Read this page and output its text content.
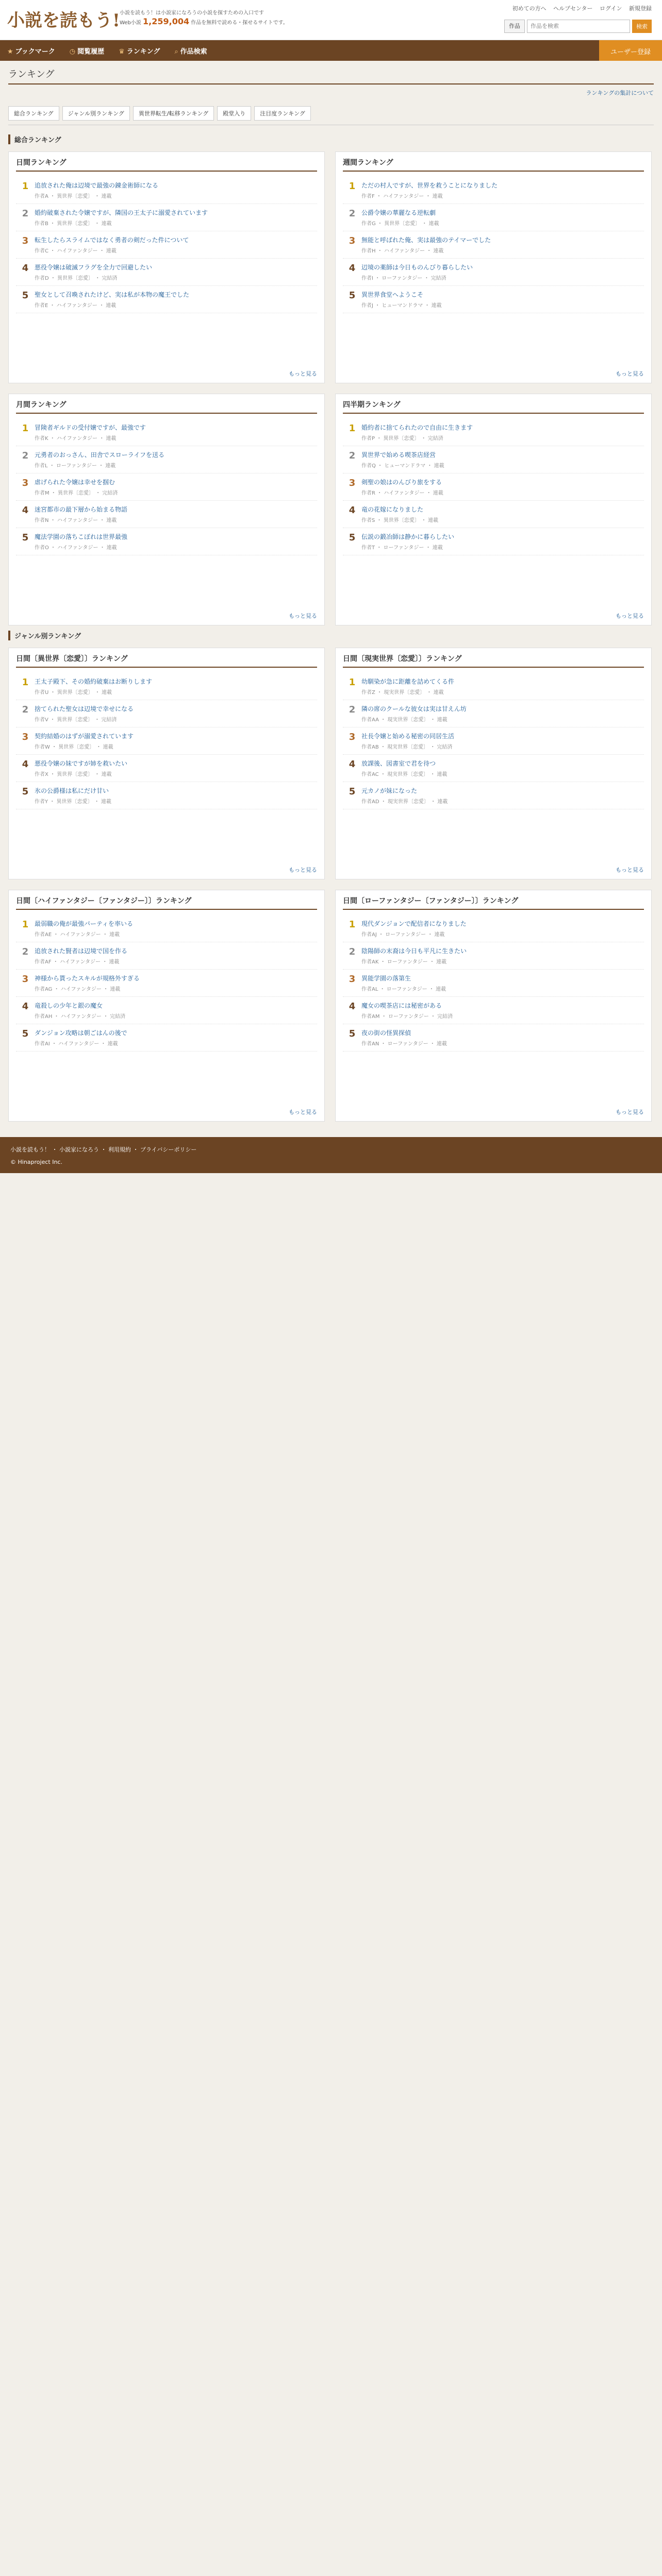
小説を読もう! 小説を読もう！は小説家になろうの小説を探すための入口です
Web小説 1,259,004 作品を無料で読める・探せるサイトです。
初めての方へ ヘルプセンター ログイン 新規登録
作品
作品を検索	検索
★ ブックマーク ◷ 閲覧履歴 ♛ ランキング ⌕ 作品検索	ユーザー登録
ランキング
ランキングの集計について
総合ランキング	ジャンル別ランキング	異世界転生/転移ランキング	殿堂入り	注目度ランキング
総合ランキング
日間ランキング
1 追放された俺は辺境で最強の錬金術師になる
作者A ・ 異世界〔恋愛〕 ・ 連載
2 婚約破棄された令嬢ですが、隣国の王太子に溺愛されています
作者B ・ 異世界〔恋愛〕 ・ 連載
3 転生したらスライムではなく勇者の剣だった件について
作者C ・ ハイファンタジー ・ 連載
4 悪役令嬢は破滅フラグを全力で回避したい
作者D ・ 異世界〔恋愛〕 ・ 完結済
5 聖女として召喚されたけど、実は私が本物の魔王でした
作者E ・ ハイファンタジー ・ 連載
もっと見る
週間ランキング
1 ただの村人ですが、世界を救うことになりました
作者F ・ ハイファンタジー ・ 連載
2 公爵令嬢の華麗なる逆転劇
作者G ・ 異世界〔恋愛〕 ・ 連載
3 無能と呼ばれた俺、実は最強のテイマーでした
作者H ・ ハイファンタジー ・ 連載
4 辺境の薬師は今日ものんびり暮らしたい
作者I ・ ローファンタジー ・ 完結済
5 異世界食堂へようこそ
作者J ・ ヒューマンドラマ ・ 連載
もっと見る
月間ランキング
1 冒険者ギルドの受付嬢ですが、最強です
作者K ・ ハイファンタジー ・ 連載
2 元勇者のおっさん、田舎でスローライフを送る
作者L ・ ローファンタジー ・ 連載
3 虐げられた令嬢は幸せを掴む
作者M ・ 異世界〔恋愛〕 ・ 完結済
4 迷宮都市の最下層から始まる物語
作者N ・ ハイファンタジー ・ 連載
5 魔法学園の落ちこぼれは世界最強
作者O ・ ハイファンタジー ・ 連載
もっと見る
四半期ランキング
1 婚約者に捨てられたので自由に生きます
作者P ・ 異世界〔恋愛〕 ・ 完結済
2 異世界で始める喫茶店経営
作者Q ・ ヒューマンドラマ ・ 連載
3 剣聖の娘はのんびり旅をする
作者R ・ ハイファンタジー ・ 連載
4 竜の花嫁になりました
作者S ・ 異世界〔恋愛〕 ・ 連載
5 伝説の鍛冶師は静かに暮らしたい
作者T ・ ローファンタジー ・ 連載
もっと見る
ジャンル別ランキング
日間〔異世界〔恋愛〕〕ランキング
1 王太子殿下、その婚約破棄はお断りします
作者U ・ 異世界〔恋愛〕 ・ 連載
2 捨てられた聖女は辺境で幸せになる
作者V ・ 異世界〔恋愛〕 ・ 完結済
3 契約結婚のはずが溺愛されています
作者W ・ 異世界〔恋愛〕 ・ 連載
4 悪役令嬢の妹ですが姉を救いたい
作者X ・ 異世界〔恋愛〕 ・ 連載
5 氷の公爵様は私にだけ甘い
作者Y ・ 異世界〔恋愛〕 ・ 連載
もっと見る
日間〔現実世界〔恋愛〕〕ランキング
1 幼馴染が急に距離を詰めてくる件
作者Z ・ 現実世界〔恋愛〕 ・ 連載
2 隣の席のクールな彼女は実は甘えん坊
作者AA ・ 現実世界〔恋愛〕 ・ 連載
3 社長令嬢と始める秘密の同居生活
作者AB ・ 現実世界〔恋愛〕 ・ 完結済
4 放課後、図書室で君を待つ
作者AC ・ 現実世界〔恋愛〕 ・ 連載
5 元カノが妹になった
作者AD ・ 現実世界〔恋愛〕 ・ 連載
もっと見る
日間〔ハイファンタジー〔ファンタジー〕〕ランキング
1 最弱職の俺が最強パーティを率いる
作者AE ・ ハイファンタジー ・ 連載
2 追放された賢者は辺境で国を作る
作者AF ・ ハイファンタジー ・ 連載
3 神様から貰ったスキルが規格外すぎる
作者AG ・ ハイファンタジー ・ 連載
4 竜殺しの少年と銀の魔女
作者AH ・ ハイファンタジー ・ 完結済
5 ダンジョン攻略は朝ごはんの後で
作者AI ・ ハイファンタジー ・ 連載
もっと見る
日間〔ローファンタジー〔ファンタジー〕〕ランキング
1 現代ダンジョンで配信者になりました
作者AJ ・ ローファンタジー ・ 連載
2 陰陽師の末裔は今日も平凡に生きたい
作者AK ・ ローファンタジー ・ 連載
3 異能学園の落第生
作者AL ・ ローファンタジー ・ 連載
4 魔女の喫茶店には秘密がある
作者AM ・ ローファンタジー ・ 完結済
5 夜の街の怪異探偵
作者AN ・ ローファンタジー ・ 連載
もっと見る
小説を読もう！ ・ 小説家になろう ・ 利用規約 ・ プライバシーポリシー
© Hinaproject Inc.
